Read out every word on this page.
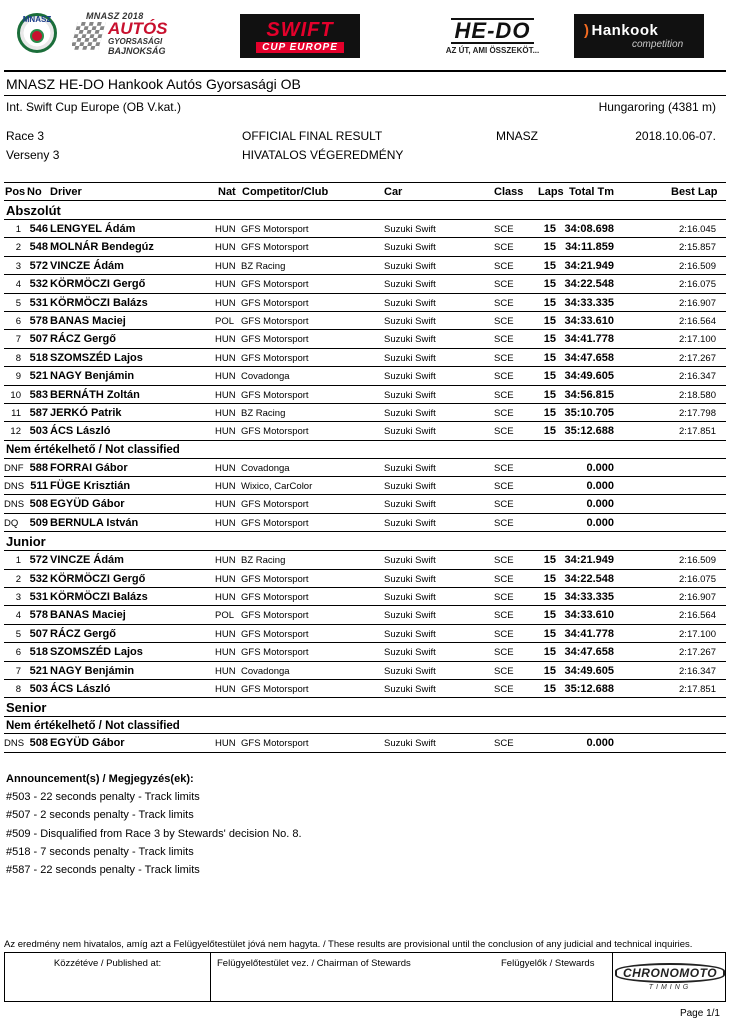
MNASZ	MNASZ 2018
AUTÓS
GYORSASÁGI
BAJNOKSÁG
SWIFT
CUP EUROPE
HE-DO
AZ ÚT, AMI ÖSSZEKÖT...
) Hankook
competition
MNASZ HE-DO Hankook Autós Gyorsasági OB
Int. Swift Cup Europe (OB V.kat.)	Hungaroring (4381 m)
Race 3
Verseny 3
OFFICIAL FINAL RESULT
HIVATALOS VÉGEREDMÉNY
MNASZ	2018.10.06-07.
Pos No Driver	Nat Competitor/Club	Car	Class Laps Total Tm	Best Lap
Abszolút
1 546 LENGYEL Ádám	HUN GFS Motorsport	Suzuki Swift	SCE	15 34:08.698	2:16.045
2 548 MOLNÁR Bendegúz	HUN GFS Motorsport	Suzuki Swift	SCE	15 34:11.859	2:15.857
3 572 VINCZE Ádám	HUN BZ Racing	Suzuki Swift	SCE	15 34:21.949	2:16.509
4 532 KÖRMÖCZI Gergő	HUN GFS Motorsport	Suzuki Swift	SCE	15 34:22.548	2:16.075
5 531 KÖRMÖCZI Balázs	HUN GFS Motorsport	Suzuki Swift	SCE	15 34:33.335	2:16.907
6 578 BANAS Maciej	POL GFS Motorsport	Suzuki Swift	SCE	15 34:33.610	2:16.564
7 507 RÁCZ Gergő	HUN GFS Motorsport	Suzuki Swift	SCE	15 34:41.778	2:17.100
8 518 SZOMSZÉD Lajos	HUN GFS Motorsport	Suzuki Swift	SCE	15 34:47.658	2:17.267
9 521 NAGY Benjámin	HUN Covadonga	Suzuki Swift	SCE	15 34:49.605	2:16.347
10 583 BERNÁTH Zoltán	HUN GFS Motorsport	Suzuki Swift	SCE	15 34:56.815	2:18.580
11 587 JERKÓ Patrik	HUN BZ Racing	Suzuki Swift	SCE	15 35:10.705	2:17.798
12 503 ÁCS László	HUN GFS Motorsport	Suzuki Swift	SCE	15 35:12.688	2:17.851
Nem értékelhető / Not classified
DNF 588 FORRAI Gábor	HUN Covadonga	Suzuki Swift	SCE	0.000
DNS 511 FÜGE Krisztián	HUN Wixico, CarColor	Suzuki Swift	SCE	0.000
DNS 508 EGYÜD Gábor	HUN GFS Motorsport	Suzuki Swift	SCE	0.000
DQ	509 BERNULA István	HUN GFS Motorsport	Suzuki Swift	SCE	0.000
Junior
1 572 VINCZE Ádám	HUN BZ Racing	Suzuki Swift	SCE	15 34:21.949	2:16.509
2 532 KÖRMÖCZI Gergő	HUN GFS Motorsport	Suzuki Swift	SCE	15 34:22.548	2:16.075
3 531 KÖRMÖCZI Balázs	HUN GFS Motorsport	Suzuki Swift	SCE	15 34:33.335	2:16.907
4 578 BANAS Maciej	POL GFS Motorsport	Suzuki Swift	SCE	15 34:33.610	2:16.564
5 507 RÁCZ Gergő	HUN GFS Motorsport	Suzuki Swift	SCE	15 34:41.778	2:17.100
6 518 SZOMSZÉD Lajos	HUN GFS Motorsport	Suzuki Swift	SCE	15 34:47.658	2:17.267
7 521 NAGY Benjámin	HUN Covadonga	Suzuki Swift	SCE	15 34:49.605	2:16.347
8 503 ÁCS László	HUN GFS Motorsport	Suzuki Swift	SCE	15 35:12.688	2:17.851
Senior
Nem értékelhető / Not classified
DNS 508 EGYÜD Gábor	HUN GFS Motorsport	Suzuki Swift	SCE	0.000
Announcement(s) / Megjegyzés(ek):
#503 - 22 seconds penalty - Track limits
#507 - 2 seconds penalty - Track limits
#509 - Disqualified from Race 3 by Stewards' decision No. 8.
#518 - 7 seconds penalty - Track limits
#587 - 22 seconds penalty - Track limits
Az eredmény nem hivatalos, amíg azt a Felügyelőtestület jóvá nem hagyta. / These results are provisional until the conclusion of any judicial and technical inquiries.
Közzétéve / Published at:	Felügyelőtestület vez. / Chairman of Stewards	Felügyelők / Stewards
CHRONOMOTO
TIMING
Page 1/1
